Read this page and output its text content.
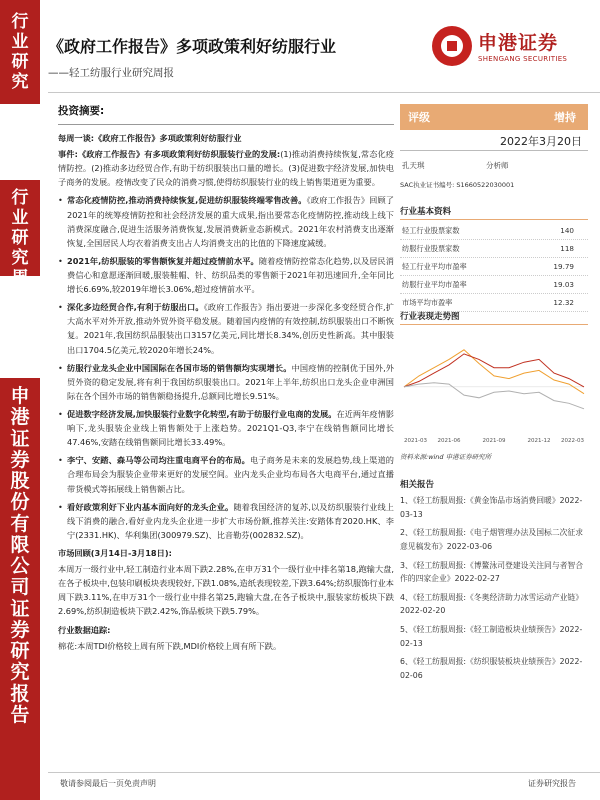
行
业
研
究
行
业
研
究
周
报
申
港
证
券
股
份
有
限
公
司
证
券
研
究
报
告
《政府工作报告》多项政策利好纺服行业
——轻工纺服行业研究周报
申港证券
SHENGANG SECURITIES
投资摘要:
每周一谈:《政府工作报告》多项政策利好纺服行业
事件:《政府工作报告》有多项政策利好纺织服装行业的发展:(1)推动消费持续恢复,常态化疫情防控。(2)推动多边经贸合作,有助于纺织服装出口量的增长。(3)促进数字经济发展,加快电子商务的发展。疫情改变了民众的消费习惯,使得纺织服装行业的线上销售渠道更为重要。
• 常态化疫情防控,推动消费持续恢复,促进纺织服装终端零售改善。《政府工作报告》回顾了2021年的统筹疫情防控和社会经济发展的重大成果,指出要常态化疫情防控,推动线上线下消费深度融合,促进生活服务消费恢复,发展消费新业态新模式。2021年农村消费支出逐渐恢复,全国居民人均衣着消费支出占人均消费支出的比值的下降速度减缓。
• 2021年,纺织服装的零售额恢复并超过疫情前水平。随着疫情防控常态化趋势,以及居民消费信心和意愿逐渐回暖,服装鞋帽、针、纺织品类的零售额于2021年初迅速回升,全年同比增长6.69%,较2019年增长3.06%,超过疫情前水平。
• 深化多边经贸合作,有利于纺服出口。《政府工作报告》指出要进一步深化多变经贸合作,扩大高水平对外开放,推动外贸外资平稳发展。随着国内疫情的有效控制,纺织服装出口不断恢复。2021年,我国纺织品服装出口3157亿美元,同比增长8.34%,创历史性新高。其中服装出口1704.5亿美元,较2020年增长24%。
• 纺服行业龙头企业中国国际在各国市场的销售额均实现增长。中国疫情的控制优于国外,外贸外资的稳定发展,将有利于我国纺织服装出口。2021年上半年,纺织出口龙头企业申洲国际在各个国外市场的销售额稳扬提升,总额同比增长9.51%。
• 促进数字经济发展,加快服装行业数字化转型,有助于纺服行业电商的发展。在近两年疫情影响下,龙头服装企业线上销售额处于上涨趋势。2021Q1-Q3,李宁在线销售额同比增长47.46%,安踏在线销售额同比增长33.49%。
• 李宁、安踏、森马等公司均注重电商平台的布局。电子商务是未来的发展趋势,线上渠道的合理布局会为服装企业带来更好的发展空间。业内龙头企业均布局各大电商平台,通过直播带货模式等拓展线上销售额占比。
• 看好政策利好下业内基本面向好的龙头企业。随着我国经济的复苏,以及纺织服装行业线上线下消费的融合,看好业内龙头企业进一步扩大市场份额,推荐关注:安踏体育2020.HK、李宁(2331.HK)、华利集团(300979.SZ)、比音勒芬(002832.SZ)。
市场回顾(3月14日-3月18日):
本周万一级行业中,轻工制造行业本周下跌2.28%,在申万31个一级行业中排名第18,跑输大盘,在各子板块中,包装印刷板块表现较好,下跌1.08%,造纸表现较差,下跌3.64%;纺织服饰行业本周下跌3.11%,在申万31个一级行业中排名第25,跑输大盘,在各子板块中,服装家纺板块下跌2.69%,纺织制造板块下跌2.42%,饰品板块下跌5.79%。
行业数据追踪:
棉花:本周TDI价格较上周有所下跌,MDI价格较上周有所下跌。
评级	增持
2022年3月20日
孔天琪	分析师
SAC执业证书编号: S1660522030001
行业基本资料
轻工行业股票家数	140
纺服行业股票家数	118
轻工行业平均市盈率	19.79
纺服行业平均市盈率	19.03
市场平均市盈率	12.32
行业表现走势图
2021-03 2021-06	2021-09	2021-12 2022-03
资料来源:wind 申港证券研究所
相关报告
1、《轻工纺服周报:《黄金饰品市场消费回暖》2022-03-13
2、《轻工纺服周报:《电子烟管理办法及国标二次征求意见稿发布》2022-03-06
3、《轻工纺服周报:《博鳌泳司登建设关注同与者智合作的四家企业》2022-02-27
4、《轻工纺服周报:《冬奥经济助力冰雪运动产业链》2022-02-20
5、《轻工纺服周报:《轻工制造板块业绩预告》2022-02-13
6、《轻工纺服周报:《纺织服装板块业绩预告》2022-02-06
敬请参阅最后一页免责声明	证券研究报告
